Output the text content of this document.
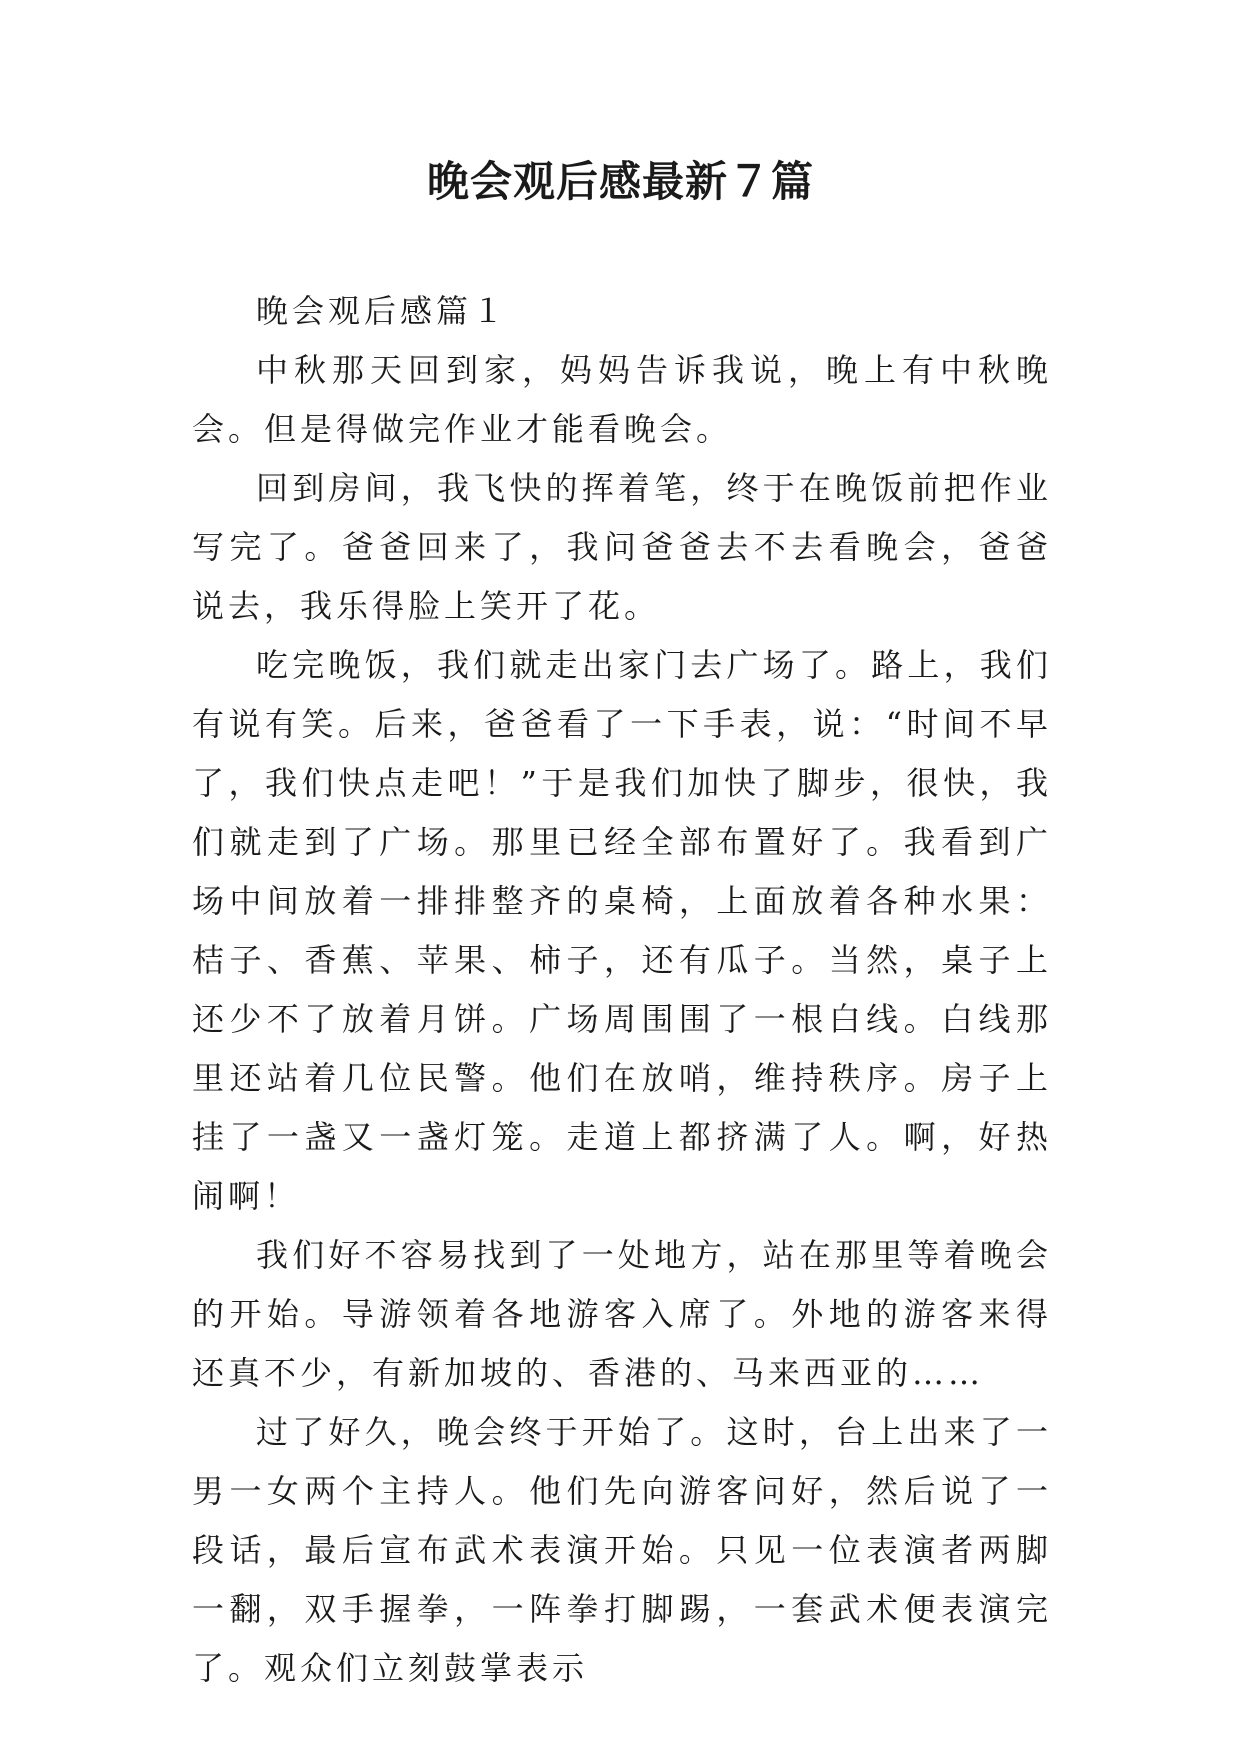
晚会观后感最新７篇

晚会观后感篇１

中秋那天回到家，妈妈告诉我说，晚上有中秋晚会。但是得做完作业才能看晚会。

回到房间，我飞快的挥着笔，终于在晚饭前把作业写完了。爸爸回来了，我问爸爸去不去看晚会，爸爸说去，我乐得脸上笑开了花。

吃完晚饭，我们就走出家门去广场了。路上，我们有说有笑。后来，爸爸看了一下手表，说：“时间不早了，我们快点走吧！”于是我们加快了脚步，很快，我们就走到了广场。那里已经全部布置好了。我看到广场中间放着一排排整齐的桌椅，上面放着各种水果：桔子、香蕉、苹果、柿子，还有瓜子。当然，桌子上还少不了放着月饼。广场周围围了一根白线。白线那里还站着几位民警。他们在放哨，维持秩序。房子上挂了一盏又一盏灯笼。走道上都挤满了人。啊，好热闹啊！

我们好不容易找到了一处地方，站在那里等着晚会的开始。导游领着各地游客入席了。外地的游客来得还真不少，有新加坡的、香港的、马来西亚的……

过了好久，晚会终于开始了。这时，台上出来了一男一女两个主持人。他们先向游客问好，然后说了一段话，最后宣布武术表演开始。只见一位表演者两脚一翻，双手握拳，一阵拳打脚踢，一套武术便表演完了。观众们立刻鼓掌表示
